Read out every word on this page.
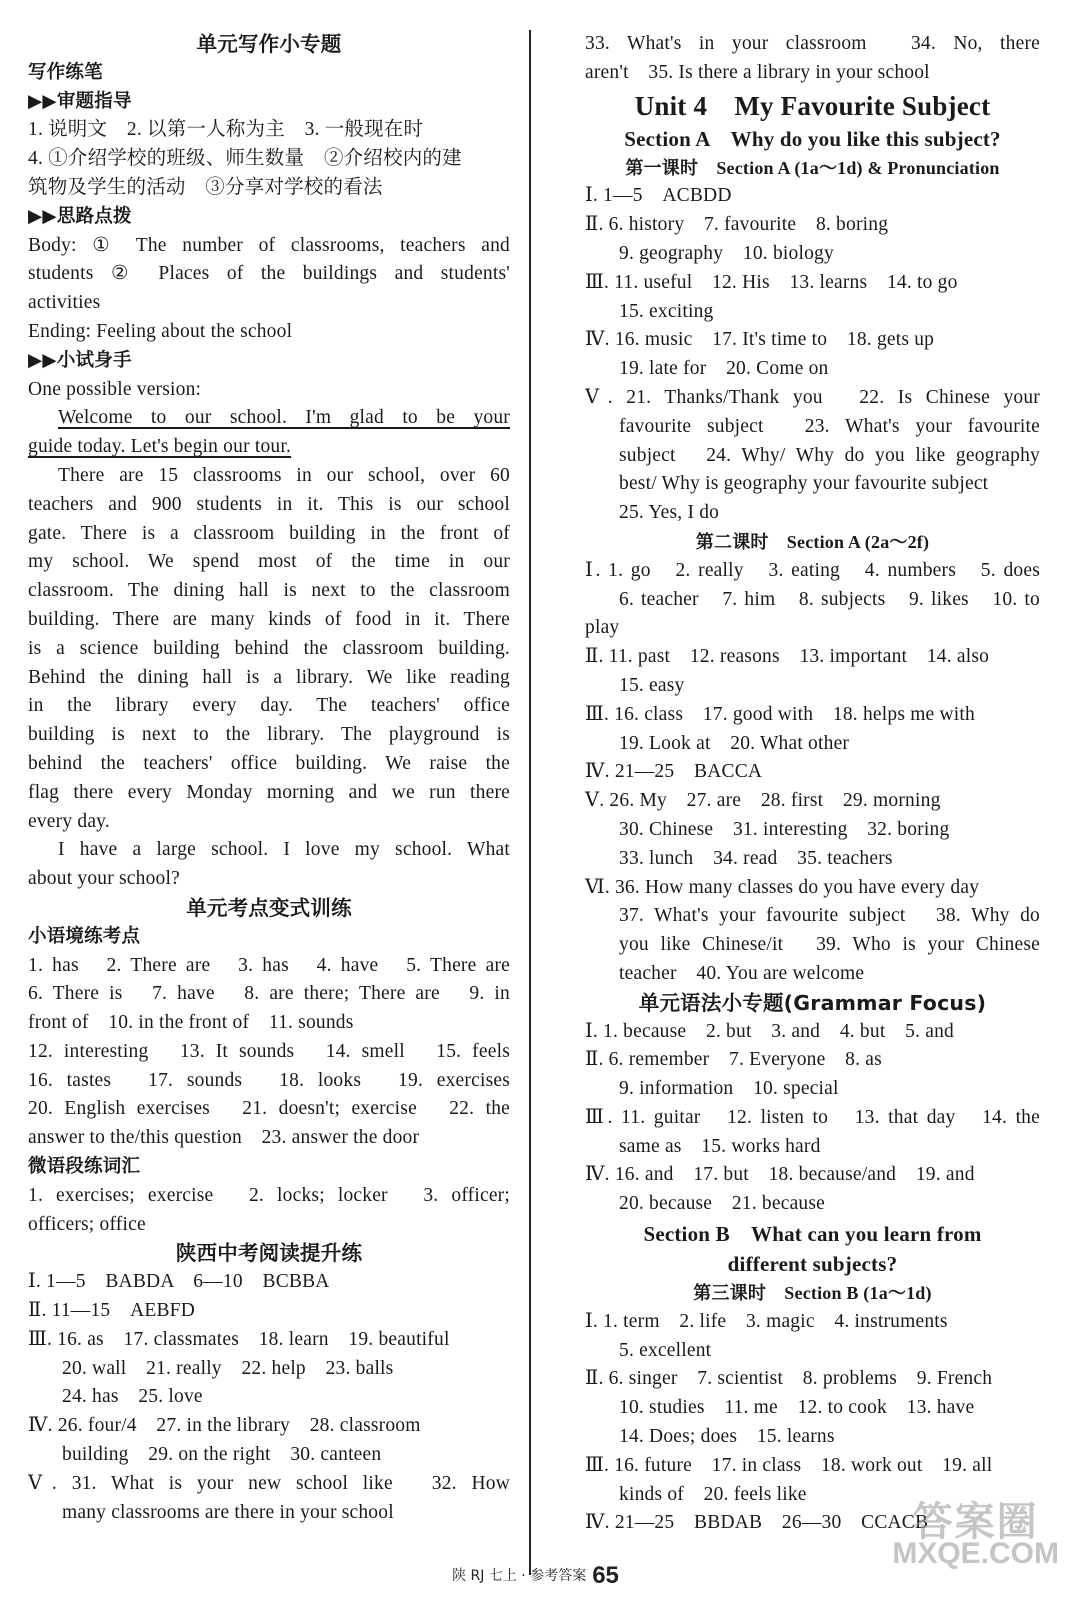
单元写作小专题
写作练笔
▶▶审题指导
1. 说明文　2. 以第一人称为主　3. 一般现在时
4. ①介绍学校的班级、师生数量　②介绍校内的建
筑物及学生的活动　③分享对学校的看法
▶▶思路点拨
Body: ① The number of classrooms, teachers and
students ② Places of the buildings and students'
activities
Ending: Feeling about the school
▶▶小试身手
One possible version:
Welcome to our school. I'm glad to be your
guide today. Let's begin our tour.
There are 15 classrooms in our school, over 60
teachers and 900 students in it. This is our school
gate. There is a classroom building in the front of
my school. We spend most of the time in our
classroom. The dining hall is next to the classroom
building. There are many kinds of food in it. There
is a science building behind the classroom building.
Behind the dining hall is a library. We like reading
in the library every day. The teachers' office
building is next to the library. The playground is
behind the teachers' office building. We raise the
flag there every Monday morning and we run there
every day.
I have a large school. I love my school. What
about your school?
单元考点变式训练
小语境练考点
1. has　2. There are　3. has　4. have　5. There are
6. There is　7. have　8. are there; There are　9. in
front of　10. in the front of　11. sounds
12. interesting　13. It sounds　14. smell　15. feels
16. tastes　17. sounds　18. looks　19. exercises
20. English exercises　21. doesn't; exercise　22. the
answer to the/this question　23. answer the door
微语段练词汇
1. exercises; exercise　2. locks; locker　3. officer;
officers; office
陕西中考阅读提升练
Ⅰ. 1—5　BABDA　6—10　BCBBA
Ⅱ. 11—15　AEBFD
Ⅲ. 16. as　17. classmates　18. learn　19. beautiful
20. wall　21. really　22. help　23. balls
24. has　25. love
Ⅳ. 26. four/4　27. in the library　28. classroom
building　29. on the right　30. canteen
Ⅴ. 31. What is your new school like　32. How
many classrooms are there in your school
33. What's in your classroom　34. No, there
aren't　35. Is there a library in your school
Unit 4　My Favourite Subject
Section A　Why do you like this subject?
第一课时　Section A (1a～1d) & Pronunciation
Ⅰ. 1—5　ACBDD
Ⅱ. 6. history　7. favourite　8. boring
9. geography　10. biology
Ⅲ. 11. useful　12. His　13. learns　14. to go
15. exciting
Ⅳ. 16. music　17. It's time to　18. gets up
19. late for　20. Come on
Ⅴ. 21. Thanks/Thank you　22. Is Chinese your
favourite subject　23. What's your favourite
subject　24. Why/ Why do you like geography
best/ Why is geography your favourite subject
25. Yes, I do
第二课时　Section A (2a～2f)
Ⅰ. 1. go　2. really　3. eating　4. numbers　5. does
6. teacher　7. him　8. subjects　9. likes　10. to
play
Ⅱ. 11. past　12. reasons　13. important　14. also
15. easy
Ⅲ. 16. class　17. good with　18. helps me with
19. Look at　20. What other
Ⅳ. 21—25　BACCA
Ⅴ. 26. My　27. are　28. first　29. morning
30. Chinese　31. interesting　32. boring
33. lunch　34. read　35. teachers
Ⅵ. 36. How many classes do you have every day
37. What's your favourite subject　38. Why do
you like Chinese/it　39. Who is your Chinese
teacher　40. You are welcome
单元语法小专题(Grammar Focus)
Ⅰ. 1. because　2. but　3. and　4. but　5. and
Ⅱ. 6. remember　7. Everyone　8. as
9. information　10. special
Ⅲ. 11. guitar　12. listen to　13. that day　14. the
same as　15. works hard
Ⅳ. 16. and　17. but　18. because/and　19. and
20. because　21. because
Section B　What can you learn from
different subjects?
第三课时　Section B (1a～1d)
Ⅰ. 1. term　2. life　3. magic　4. instruments
5. excellent
Ⅱ. 6. singer　7. scientist　8. problems　9. French
10. studies　11. me　12. to cook　13. have
14. Does; does　15. learns
Ⅲ. 16. future　17. in class　18. work out　19. all
kinds of　20. feels like
Ⅳ. 21—25　BBDAB　26—30　CCACB
陕 RJ 七上 · 参考答案 65
答案圈
MXQE.COM
